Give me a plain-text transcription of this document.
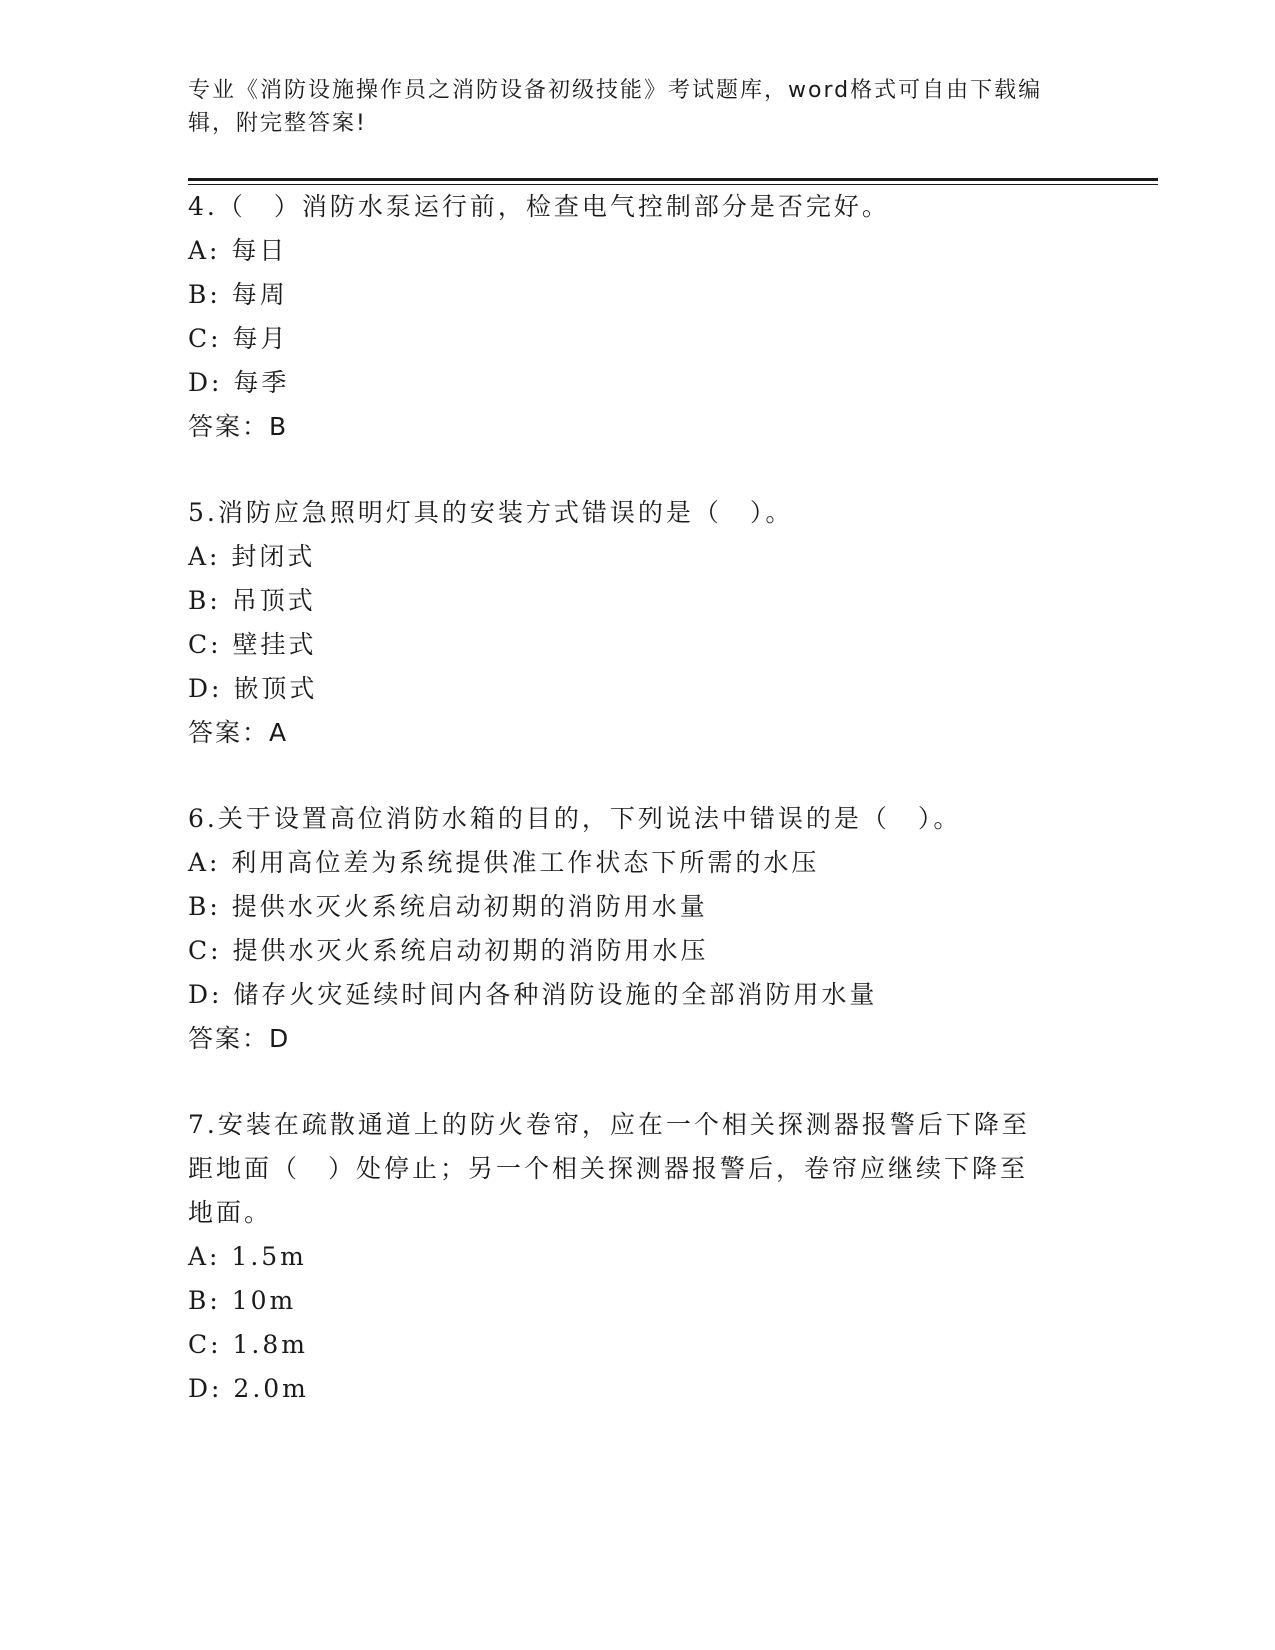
专业《消防设施操作员之消防设备初级技能》考试题库，word格式可自由下载编
辑，附完整答案!
4.（　）消防水泵运行前，检查电气控制部分是否完好。
A: 每日
B: 每周
C: 每月
D: 每季
答案：B
5.消防应急照明灯具的安装方式错误的是（　）。
A: 封闭式
B: 吊顶式
C: 壁挂式
D: 嵌顶式
答案：A
6.关于设置高位消防水箱的目的，下列说法中错误的是（　）。
A: 利用高位差为系统提供准工作状态下所需的水压
B: 提供水灭火系统启动初期的消防用水量
C: 提供水灭火系统启动初期的消防用水压
D: 储存火灾延续时间内各种消防设施的全部消防用水量
答案：D
7.安装在疏散通道上的防火卷帘，应在一个相关探测器报警后下降至
距地面（　）处停止；另一个相关探测器报警后，卷帘应继续下降至
地面。
A: 1.5m
B: 10m
C: 1.8m
D: 2.0m
